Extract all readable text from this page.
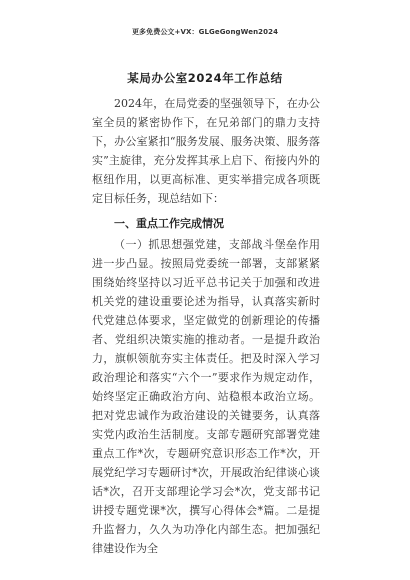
更多免费公文+VX：GLGeGongWen2024
某局办公室2024年工作总结

2024年，在局党委的坚强领导下，在办公室全员的紧密协作下，在兄弟部门的鼎力支持下，办公室紧扣“服务发展、服务决策、服务落实”主旋律，充分发挥其承上启下、衔接内外的枢纽作用，以更高标准、更实举措完成各项既定目标任务，现总结如下：

一、重点工作完成情况

（一）抓思想强党建，支部战斗堡垒作用进一步凸显。按照局党委统一部署，支部紧紧围绕始终坚持以习近平总书记关于加强和改进机关党的建设重要论述为指导，认真落实新时代党建总体要求，坚定做党的创新理论的传播者、党组织决策实施的推动者。一是提升政治力，旗帜领航夯实主体责任。把及时深入学习政治理论和落实“六个一”要求作为规定动作，始终坚定正确政治方向、站稳根本政治立场。把对党忠诚作为政治建设的关键要务，认真落实党内政治生活制度。支部专题研究部署党建重点工作*次，专题研究意识形态工作*次，开展党纪学习专题研讨*次，开展政治纪律谈心谈话*次，召开支部理论学习会*次，党支部书记讲授专题党课*次，撰写心得体会*篇。二是提升监督力，久久为功净化内部生态。把加强纪律建设作为全
